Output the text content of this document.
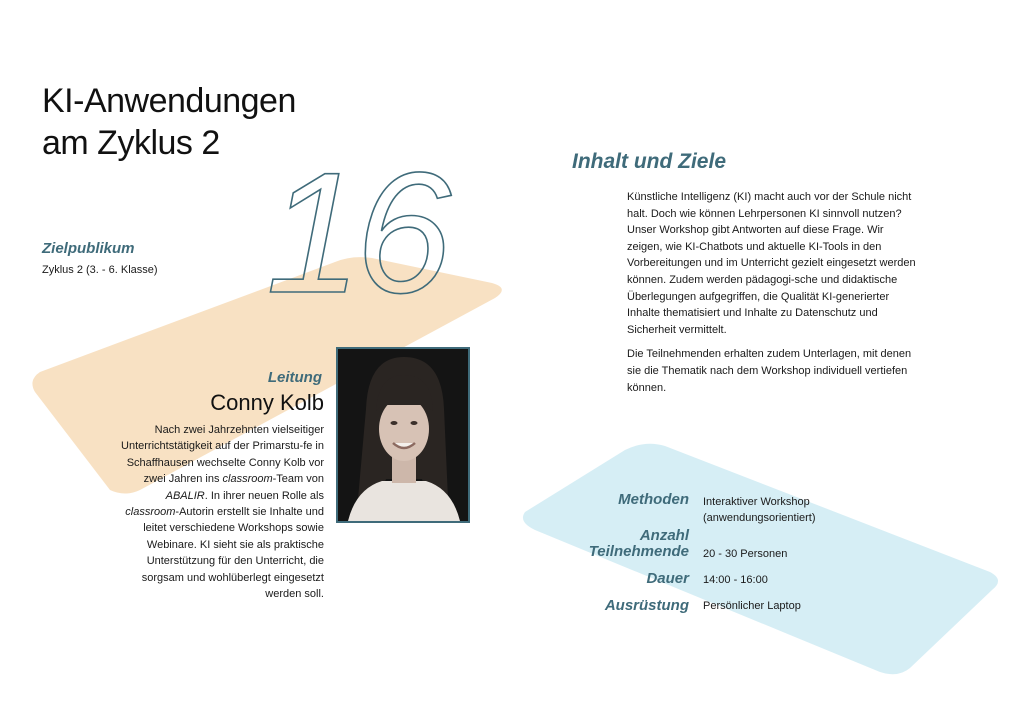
KI-Anwendungen
am Zyklus 2 16
Zielpublikum
Zyklus 2 (3. - 6. Klasse)
Leitung
Conny Kolb
Nach zwei Jahrzehnten vielseitiger Unterrichtstätigkeit auf der Primarstu-fe in Schaffhausen wechselte Conny Kolb vor zwei Jahren ins classroom-Team von ABALIR. In ihrer neuen Rolle als classroom-Autorin erstellt sie Inhalte und leitet verschiedene Workshops sowie Webinare. KI sieht sie als praktische Unterstützung für den Unterricht, die sorgsam und wohlüberlegt eingesetzt werden soll.
Inhalt und Ziele

Künstliche Intelligenz (KI) macht auch vor der Schule nicht halt. Doch wie können Lehrpersonen KI sinnvoll nutzen? Unser Workshop gibt Antworten auf diese Frage. Wir zeigen, wie KI-Chatbots und aktuelle KI-Tools in den Vorbereitungen und im Unterricht gezielt eingesetzt werden können. Zudem werden pädagogi-sche und didaktische Überlegungen aufgegriffen, die Qualität KI-generierter Inhalte thematisiert und Inhalte zu Datenschutz und Sicherheit vermittelt.

Die Teilnehmenden erhalten zudem Unterlagen, mit denen sie die Thematik nach dem Workshop individuell vertiefen können.

Methoden Interaktiver Workshop
(anwendungsorientiert)
Anzahl
Teilnehmende 20 - 30 Personen
Dauer 14:00 - 16:00
Ausrüstung Persönlicher Laptop
